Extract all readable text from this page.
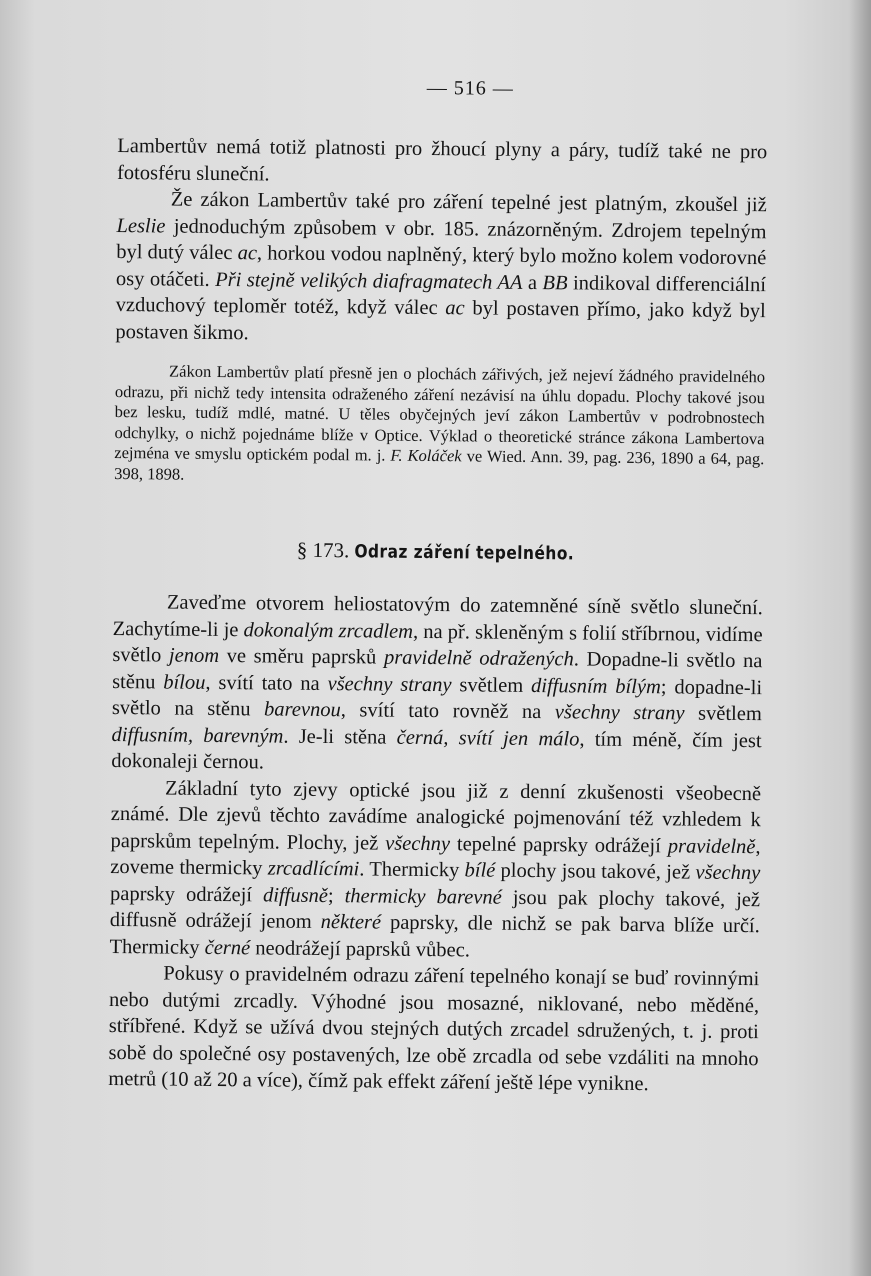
— 516 —

Lambertův nemá totiž platnosti pro žhoucí plyny a páry, tudíž také ne pro fotosféru sluneční.

Že zákon Lambertův také pro záření tepelné jest platným, zkoušel již Leslie jednoduchým způsobem v obr. 185. znázorněným. Zdrojem tepelným byl dutý válec ac, horkou vodou naplněný, který bylo možno kolem vodorovné osy otáčeti. Při stejně velikých diafragmatech AA a BB indikoval differenciální vzduchový teploměr totéž, když válec ac byl postaven přímo, jako když byl postaven šikmo.

Zákon Lambertův platí přesně jen o plochách zářivých, jež nejeví žádného pravidelného odrazu, při nichž tedy intensita odraženého záření nezávisí na úhlu dopadu. Plochy takové jsou bez lesku, tudíž mdlé, matné. U těles obyčejných jeví zákon Lambertův v podrobnostech odchylky, o nichž pojednáme blíže v Optice. Výklad o theoretické stránce zákona Lambertova zejména ve smyslu optickém podal m. j. F. Koláček ve Wied. Ann. 39, pag. 236, 1890 a 64, pag. 398, 1898.

§ 173. Odraz záření tepelného.

Zaveďme otvorem heliostatovým do zatemněné síně světlo sluneční. Zachytíme-li je dokonalým zrcadlem, na př. skleněným s folií stříbrnou, vidíme světlo jenom ve směru paprsků pravidelně odražených. Dopadne-li světlo na stěnu bílou, svítí tato na všechny strany světlem diffusním bílým; dopadne-li světlo na stěnu barevnou, svítí tato rovněž na všechny strany světlem diffusním, barevným. Je-li stěna černá, svítí jen málo, tím méně, čím jest dokonaleji černou.

Základní tyto zjevy optické jsou již z denní zkušenosti všeobecně známé. Dle zjevů těchto zavádíme analogické pojmenování též vzhledem k paprskům tepelným. Plochy, jež všechny tepelné paprsky odrážejí pravidelně, zoveme thermicky zrcadlícími. Thermicky bílé plochy jsou takové, jež všechny paprsky odrážejí diffusně; thermicky barevné jsou pak plochy takové, jež diffusně odrážejí jenom některé paprsky, dle nichž se pak barva blíže určí. Thermicky černé neodrážejí paprsků vůbec.

Pokusy o pravidelném odrazu záření tepelného konají se buď rovinnými nebo dutými zrcadly. Výhodné jsou mosazné, niklované, nebo měděné, stříbřené. Když se užívá dvou stejných dutých zrcadel sdružených, t. j. proti sobě do společné osy postavených, lze obě zrcadla od sebe vzdáliti na mnoho metrů (10 až 20 a více), čímž pak effekt záření ještě lépe vynikne.
